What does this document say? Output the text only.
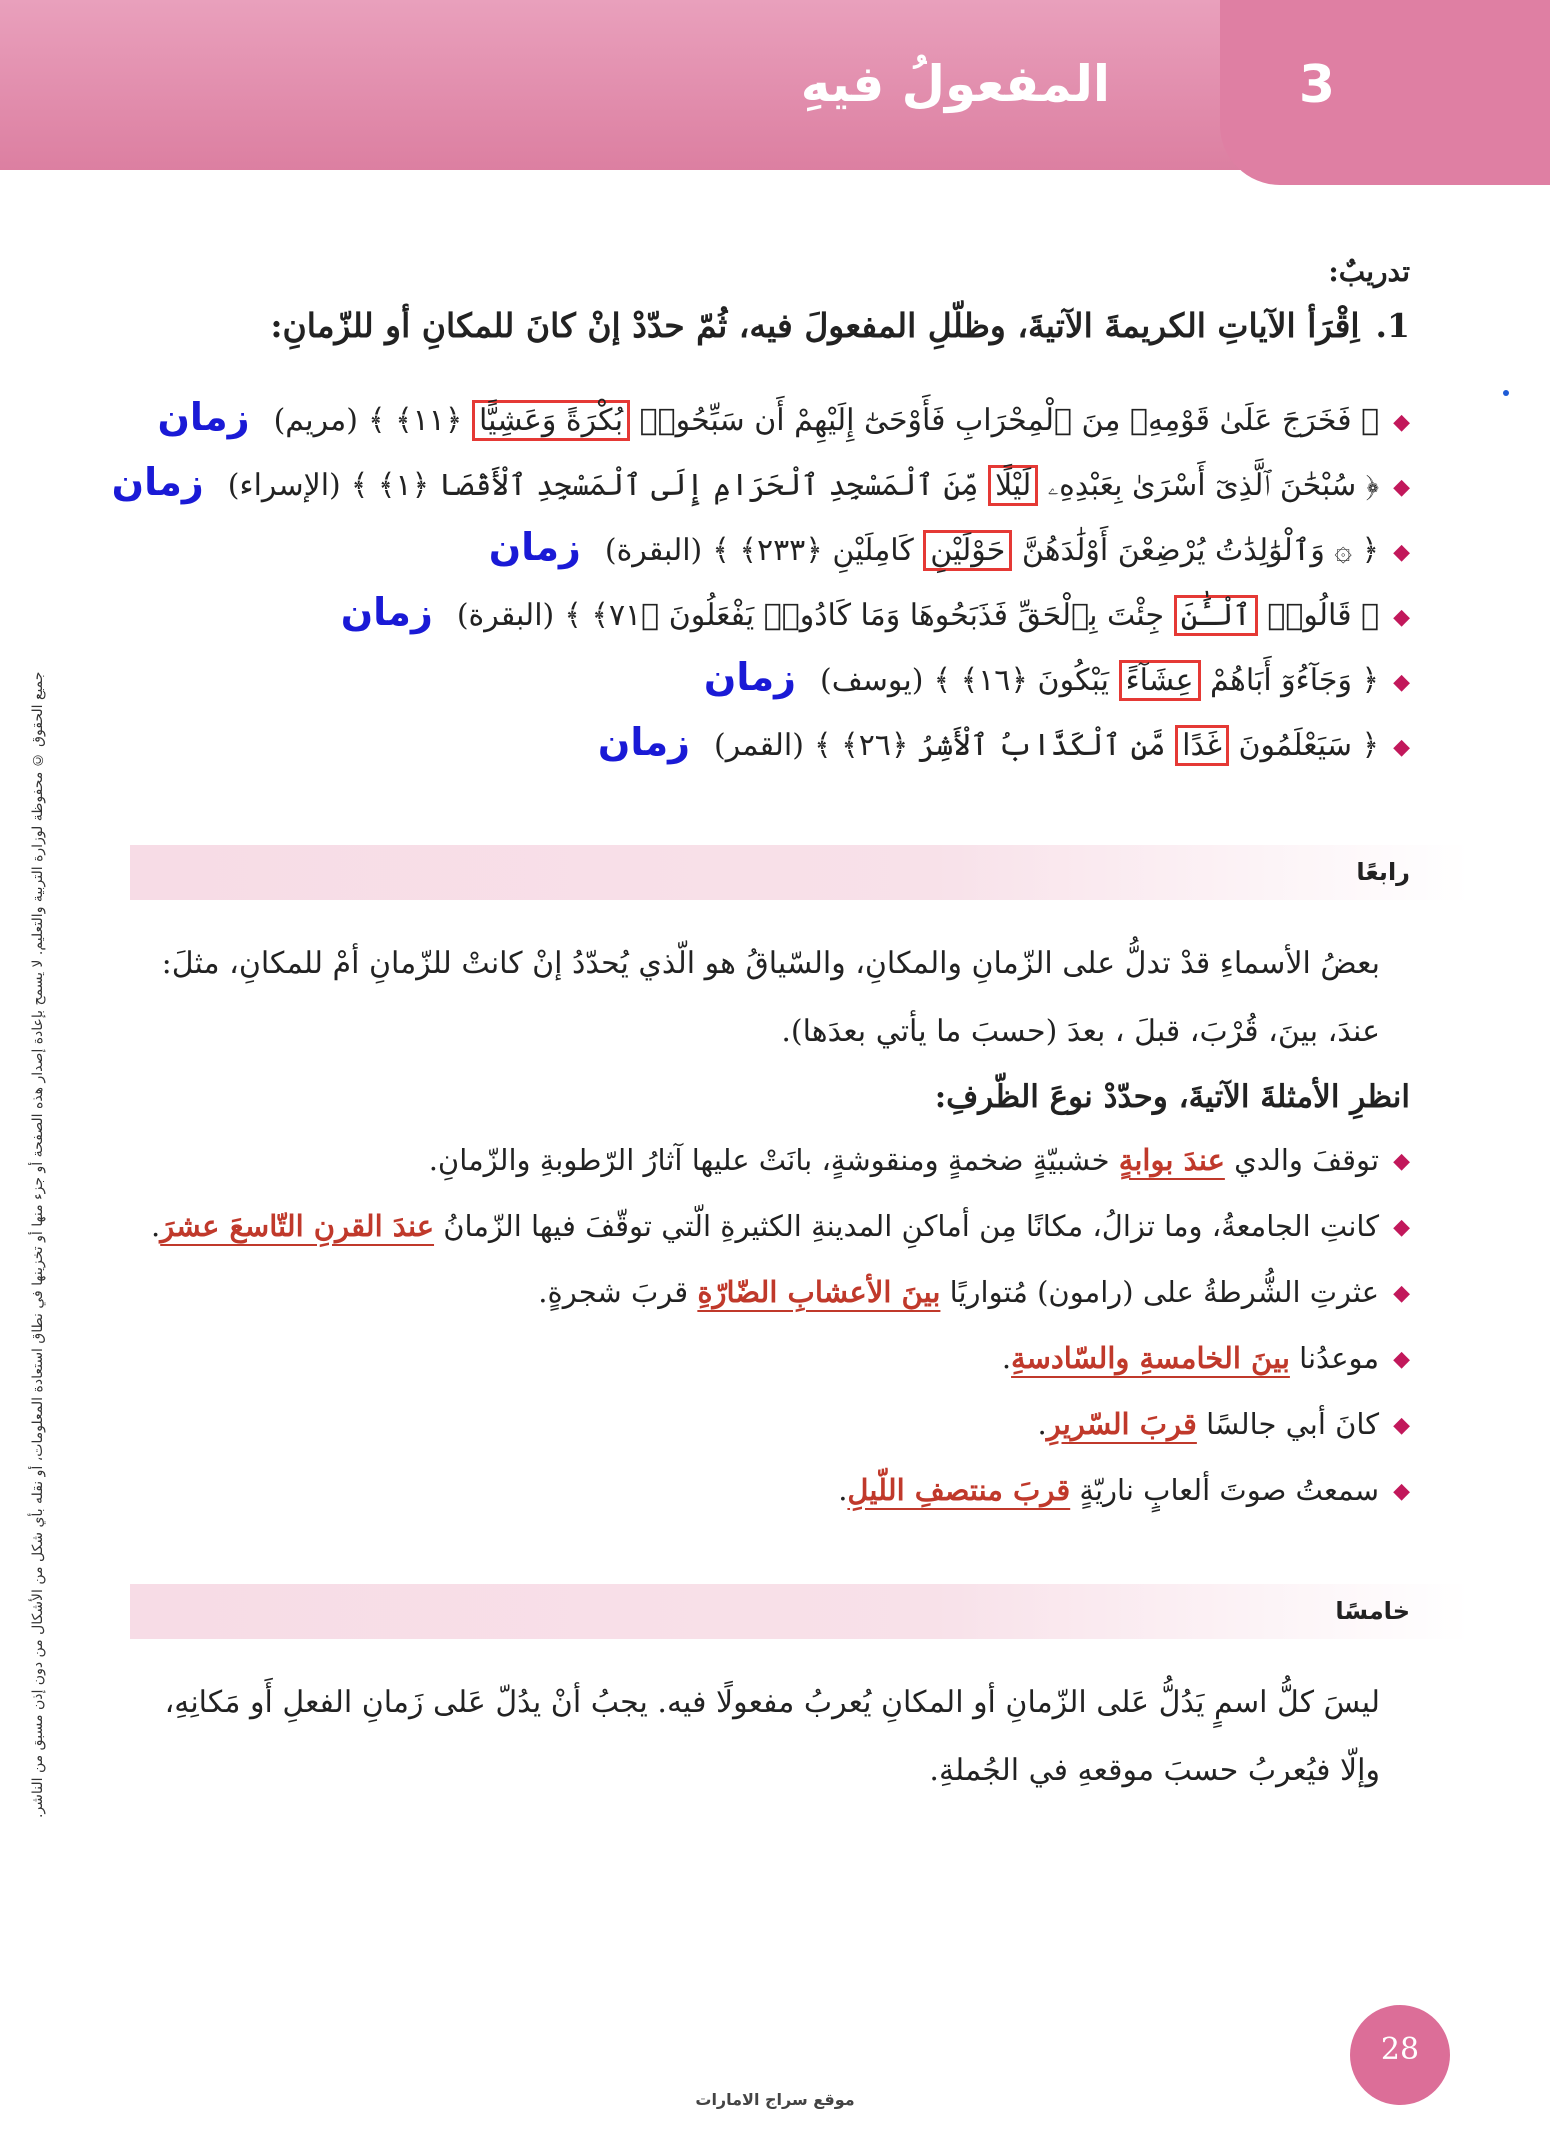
3
المفعولُ فيهِ
جميع الحقوق © محفوظة لوزارة التربية والتعليم. لا يسمح بإعادة إصدار هذه الصفحة أو جزء منها أو تخزينها في نطاق استعادة المعلومات، أو نقله بأي شكل من الأشكال من دون إذن مسبق من الناشر.

تدريبٌ:

1.اِقْرَأ الآياتِ الكريمةَ الآتيةَ، وظلّلِ المفعولَ فيه، ثُمّ حدّدْ إنْ كانَ للمكانِ أو للزّمانِ:

◆﴿ فَخَرَجَ عَلَىٰ قَوْمِهِۦ مِنَ ٱلْمِحْرَابِ فَأَوْحَىٰٓ إِلَيْهِمْ أَن سَبِّحُوا۟ بُكْرَةً وَعَشِيًّا ﴿١١﴾ ﴾(مريم)زمان
◆﴿ سُبْحَٰنَ ٱلَّذِىٓ أَسْرَىٰ بِعَبْدِهِۦ لَيْلًا مِّنَ ٱلْمَسْجِدِ ٱلْحَرَامِ إِلَى ٱلْمَسْجِدِ ٱلْأَقْصَا ﴿١﴾ ﴾(الإسراء)زمان
◆﴿ ۞ وَٱلْوَٰلِدَٰتُ يُرْضِعْنَ أَوْلَٰدَهُنَّ حَوْلَيْنِ كَامِلَيْنِ ﴿٢٣٣﴾ ﴾(البقرة)زمان
◆﴿ قَالُوا۟ ٱلْـَٰٔنَ جِئْتَ بِٱلْحَقِّ فَذَبَحُوهَا وَمَا كَادُوا۟ يَفْعَلُونَ ﴿٧١﴾ ﴾(البقرة)زمان
◆﴿ وَجَآءُوٓ أَبَاهُمْ عِشَآءً يَبْكُونَ ﴿١٦﴾ ﴾(يوسف)زمان
◆﴿ سَيَعْلَمُونَ غَدًا مَّنِ ٱلْكَذَّابُ ٱلْأَشِرُ ﴿٢٦﴾ ﴾(القمر)زمان
رابعًا

بعضُ الأسماءِ قدْ تدلُّ على الزّمانِ والمكانِ، والسّياقُ هو الّذي يُحدّدُ إنْ كانتْ للزّمانِ أمْ للمكانِ، مثلَ: عندَ، بينَ، قُرْبَ، قبلَ ، بعدَ (حسبَ ما يأتي بعدَها).

انظرِ الأمثلةَ الآتيةَ، وحدّدْ نوعَ الظّرفِ:

◆توقفَ والدي عندَ بوابةٍ خشبيّةٍ ضخمةٍ ومنقوشةٍ، بانَتْ عليها آثارُ الرّطوبةِ والزّمانِ.
◆كانتِ الجامعةُ، وما تزالُ، مكانًا مِن أماكنِ المدينةِ الكثيرةِ الّتي توقّفَ فيها الزّمانُ عندَ القرنِ التّاسعَ عشرَ.
◆عثرتِ الشُّرطةُ على (رامون) مُتواريًا بينَ الأعشابِ الضّارّةِ قربَ شجرةٍ.
◆موعدُنا بينَ الخامسةِ والسّادسةِ.
◆كانَ أبي جالسًا قربَ السّريرِ.
◆سمعتُ صوتَ ألعابٍ ناريّةٍ قربَ منتصفِ اللّيلِ.
خامسًا

ليسَ كلُّ اسمٍ يَدُلُّ عَلى الزّمانِ أو المكانِ يُعربُ مفعولًا فيه. يجبُ أنْ يدُلّ عَلى زَمانِ الفعلِ أَو مَكانِهِ، وإلّا فيُعربُ حسبَ موقعهِ في الجُملةِ.

28
موقع سراج الامارات
